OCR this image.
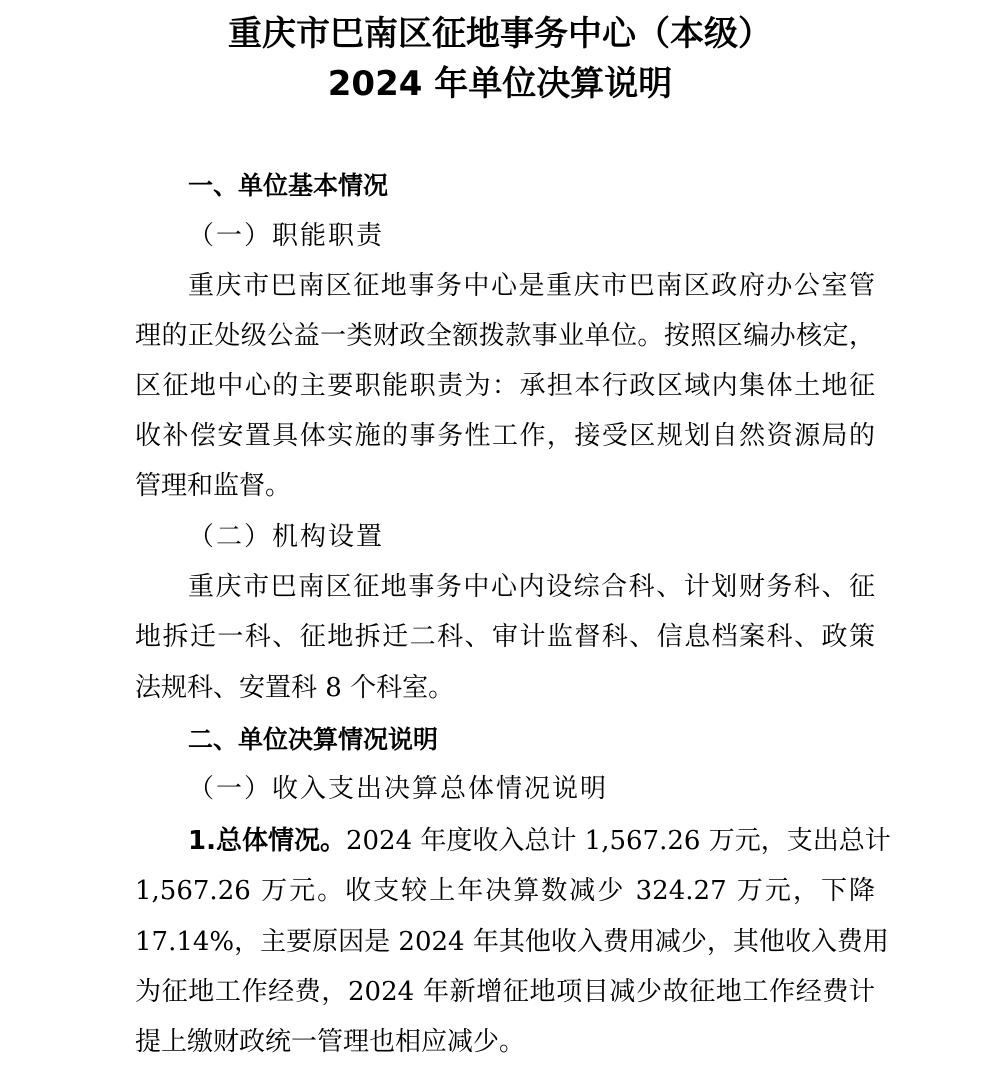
重庆市巴南区征地事务中心（本级）
2024 年单位决算说明

一、单位基本情况

（一）职能职责

重庆市巴南区征地事务中心是重庆市巴南区政府办公室管

理的正处级公益一类财政全额拨款事业单位。按照区编办核定，

区征地中心的主要职能职责为：承担本行政区域内集体土地征

收补偿安置具体实施的事务性工作，接受区规划自然资源局的

管理和监督。

（二）机构设置

重庆市巴南区征地事务中心内设综合科、计划财务科、征

地拆迁一科、征地拆迁二科、审计监督科、信息档案科、政策

法规科、安置科 8 个科室。

二、单位决算情况说明

（一）收入支出决算总体情况说明

1.总体情况。2024 年度收入总计 1,567.26 万元，支出总计

1,567.26 万元。收支较上年决算数减少 324.27 万元，下降

17.14%，主要原因是 2024 年其他收入费用减少，其他收入费用

为征地工作经费，2024 年新增征地项目减少故征地工作经费计

提上缴财政统一管理也相应减少。
